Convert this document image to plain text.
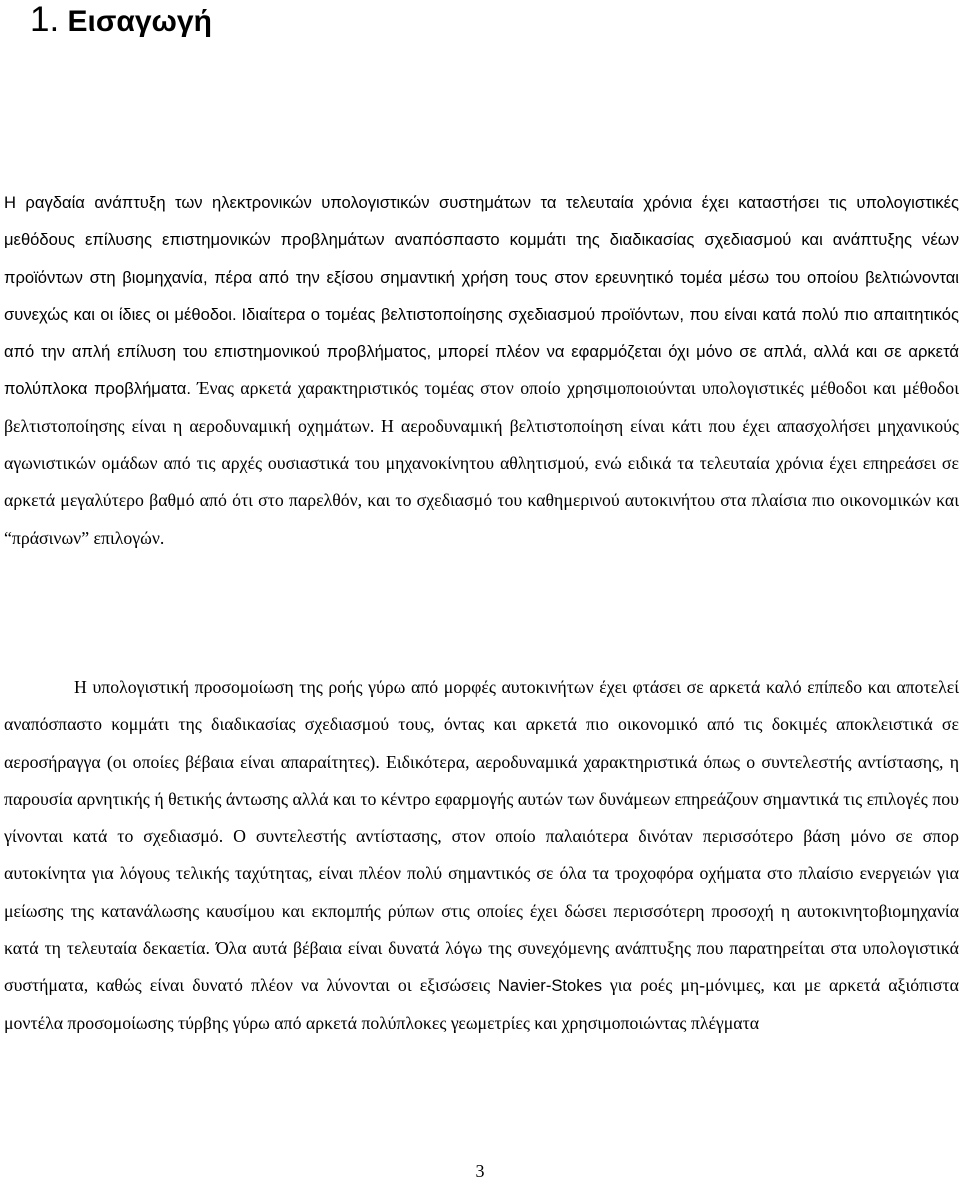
1. Εισαγωγή

Η ραγδαία ανάπτυξη των ηλεκτρονικών υπολογιστικών συστημάτων τα τελευταία χρόνια έχει καταστήσει τις υπολογιστικές μεθόδους επίλυσης επιστημονικών προβλημάτων αναπόσπαστο κομμάτι της διαδικασίας σχεδιασμού και ανάπτυξης νέων προϊόντων στη βιομηχανία, πέρα από την εξίσου σημαντική χρήση τους στον ερευνητικό τομέα μέσω του οποίου βελτιώνονται συνεχώς και οι ίδιες οι μέθοδοι. Ιδιαίτερα ο τομέας βελτιστοποίησης σχεδιασμού προϊόντων, που είναι κατά πολύ πιο απαιτητικός από την απλή επίλυση του επιστημονικού προβλήματος, μπορεί πλέον να εφαρμόζεται όχι μόνο σε απλά, αλλά και σε αρκετά πολύπλοκα προβλήματα. Ένας αρκετά χαρακτηριστικός τομέας στον οποίο χρησιμοποιούνται υπολογιστικές μέθοδοι και μέθοδοι βελτιστοποίησης είναι η αεροδυναμική οχημάτων. Η αεροδυναμική βελτιστοποίηση είναι κάτι που έχει απασχολήσει μηχανικούς αγωνιστικών ομάδων από τις αρχές ουσιαστικά του μηχανοκίνητου αθλητισμού, ενώ ειδικά τα τελευταία χρόνια έχει επηρεάσει σε αρκετά μεγαλύτερο βαθμό από ότι στο παρελθόν, και το σχεδιασμό του καθημερινού αυτοκινήτου στα πλαίσια πιο οικονομικών και “πράσινων” επιλογών.

Η υπολογιστική προσομοίωση της ροής γύρω από μορφές αυτοκινήτων έχει φτάσει σε αρκετά καλό επίπεδο και αποτελεί αναπόσπαστο κομμάτι της διαδικασίας σχεδιασμού τους, όντας και αρκετά πιο οικονομικό από τις δοκιμές αποκλειστικά σε αεροσήραγγα (οι οποίες βέβαια είναι απαραίτητες). Ειδικότερα, αεροδυναμικά χαρακτηριστικά όπως ο συντελεστής αντίστασης, η παρουσία αρνητικής ή θετικής άντωσης αλλά και το κέντρο εφαρμογής αυτών των δυνάμεων επηρεάζουν σημαντικά τις επιλογές που γίνονται κατά το σχεδιασμό. Ο συντελεστής αντίστασης, στον οποίο παλαιότερα δινόταν περισσότερο βάση μόνο σε σπορ αυτοκίνητα για λόγους τελικής ταχύτητας, είναι πλέον πολύ σημαντικός σε όλα τα τροχοφόρα οχήματα στο πλαίσιο ενεργειών για μείωσης της κατανάλωσης καυσίμου και εκπομπής ρύπων στις οποίες έχει δώσει περισσότερη προσοχή η αυτοκινητοβιομηχανία κατά τη τελευταία δεκαετία. Όλα αυτά βέβαια είναι δυνατά λόγω της συνεχόμενης ανάπτυξης που παρατηρείται στα υπολογιστικά συστήματα, καθώς είναι δυνατό πλέον να λύνονται οι εξισώσεις Navier-Stokes για ροές μη-μόνιμες, και με αρκετά αξιόπιστα μοντέλα προσομοίωσης τύρβης γύρω από αρκετά πολύπλοκες γεωμετρίες και χρησιμοποιώντας πλέγματα

3
